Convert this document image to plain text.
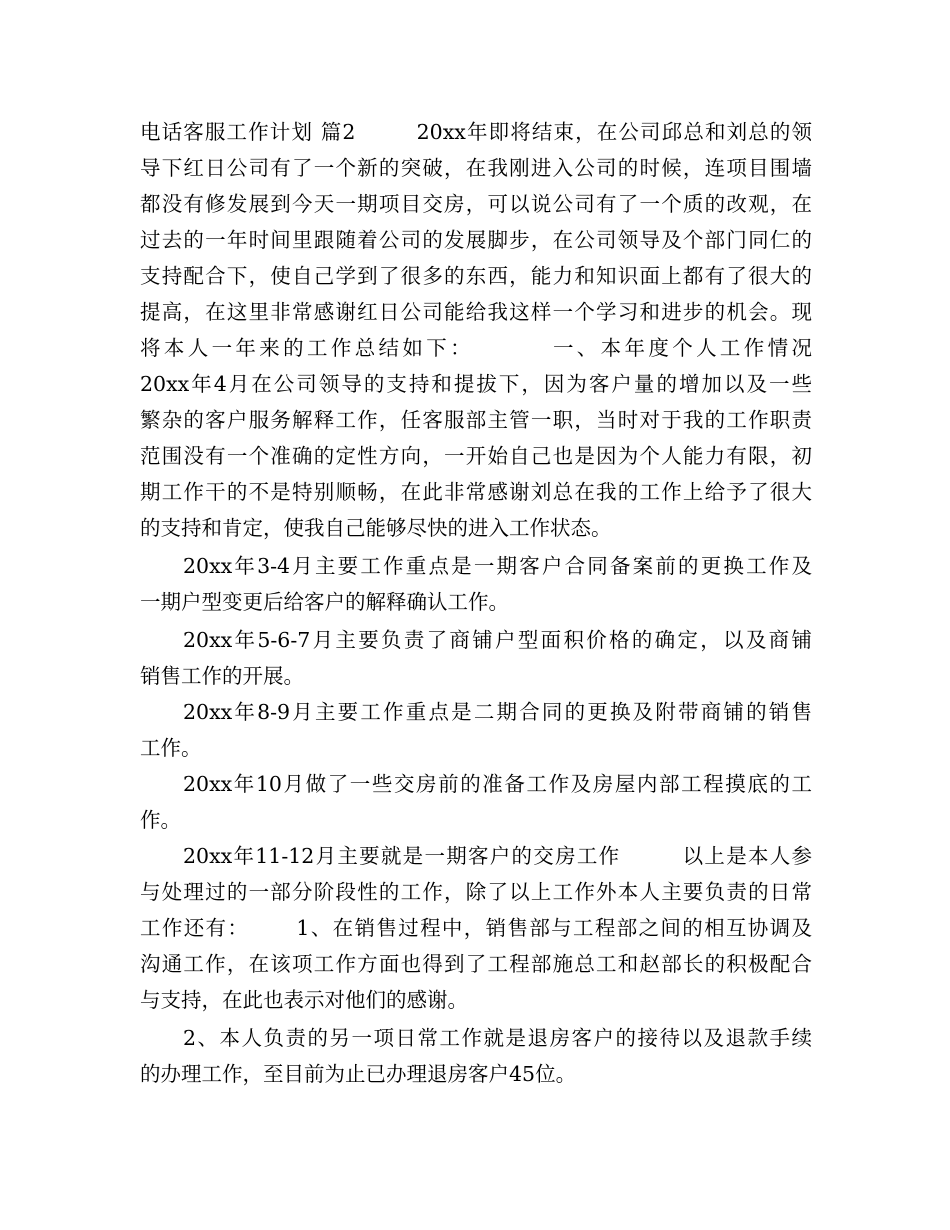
电话客服工作计划 篇2        20xx年即将结束，在公司邱总和刘总的领
导下红日公司有了一个新的突破，在我刚进入公司的时候，连项目围墙
都没有修发展到今天一期项目交房，可以说公司有了一个质的改观，在
过去的一年时间里跟随着公司的发展脚步，在公司领导及个部门同仁的
支持配合下，使自己学到了很多的东西，能力和知识面上都有了很大的
提高，在这里非常感谢红日公司能给我这样一个学习和进步的机会。现
将本人一年来的工作总结如下：        一、本年度个人工作情况
20xx年4月在公司领导的支持和提拔下，因为客户量的增加以及一些
繁杂的客户服务解释工作，任客服部主管一职，当时对于我的工作职责
范围没有一个准确的定性方向，一开始自己也是因为个人能力有限，初
期工作干的不是特别顺畅，在此非常感谢刘总在我的工作上给予了很大
的支持和肯定，使我自己能够尽快的进入工作状态。
20xx年3-4月主要工作重点是一期客户合同备案前的更换工作及
一期户型变更后给客户的解释确认工作。
20xx年5-6-7月主要负责了商铺户型面积价格的确定，以及商铺
销售工作的开展。
20xx年8-9月主要工作重点是二期合同的更换及附带商铺的销售
工作。
20xx年10月做了一些交房前的准备工作及房屋内部工程摸底的工
作。
20xx年11-12月主要就是一期客户的交房工作        以上是本人参
与处理过的一部分阶段性的工作，除了以上工作外本人主要负责的日常
工作还有：      1、在销售过程中，销售部与工程部之间的相互协调及
沟通工作，在该项工作方面也得到了工程部施总工和赵部长的积极配合
与支持，在此也表示对他们的感谢。
2、本人负责的另一项日常工作就是退房客户的接待以及退款手续
的办理工作，至目前为止已办理退房客户45位。
